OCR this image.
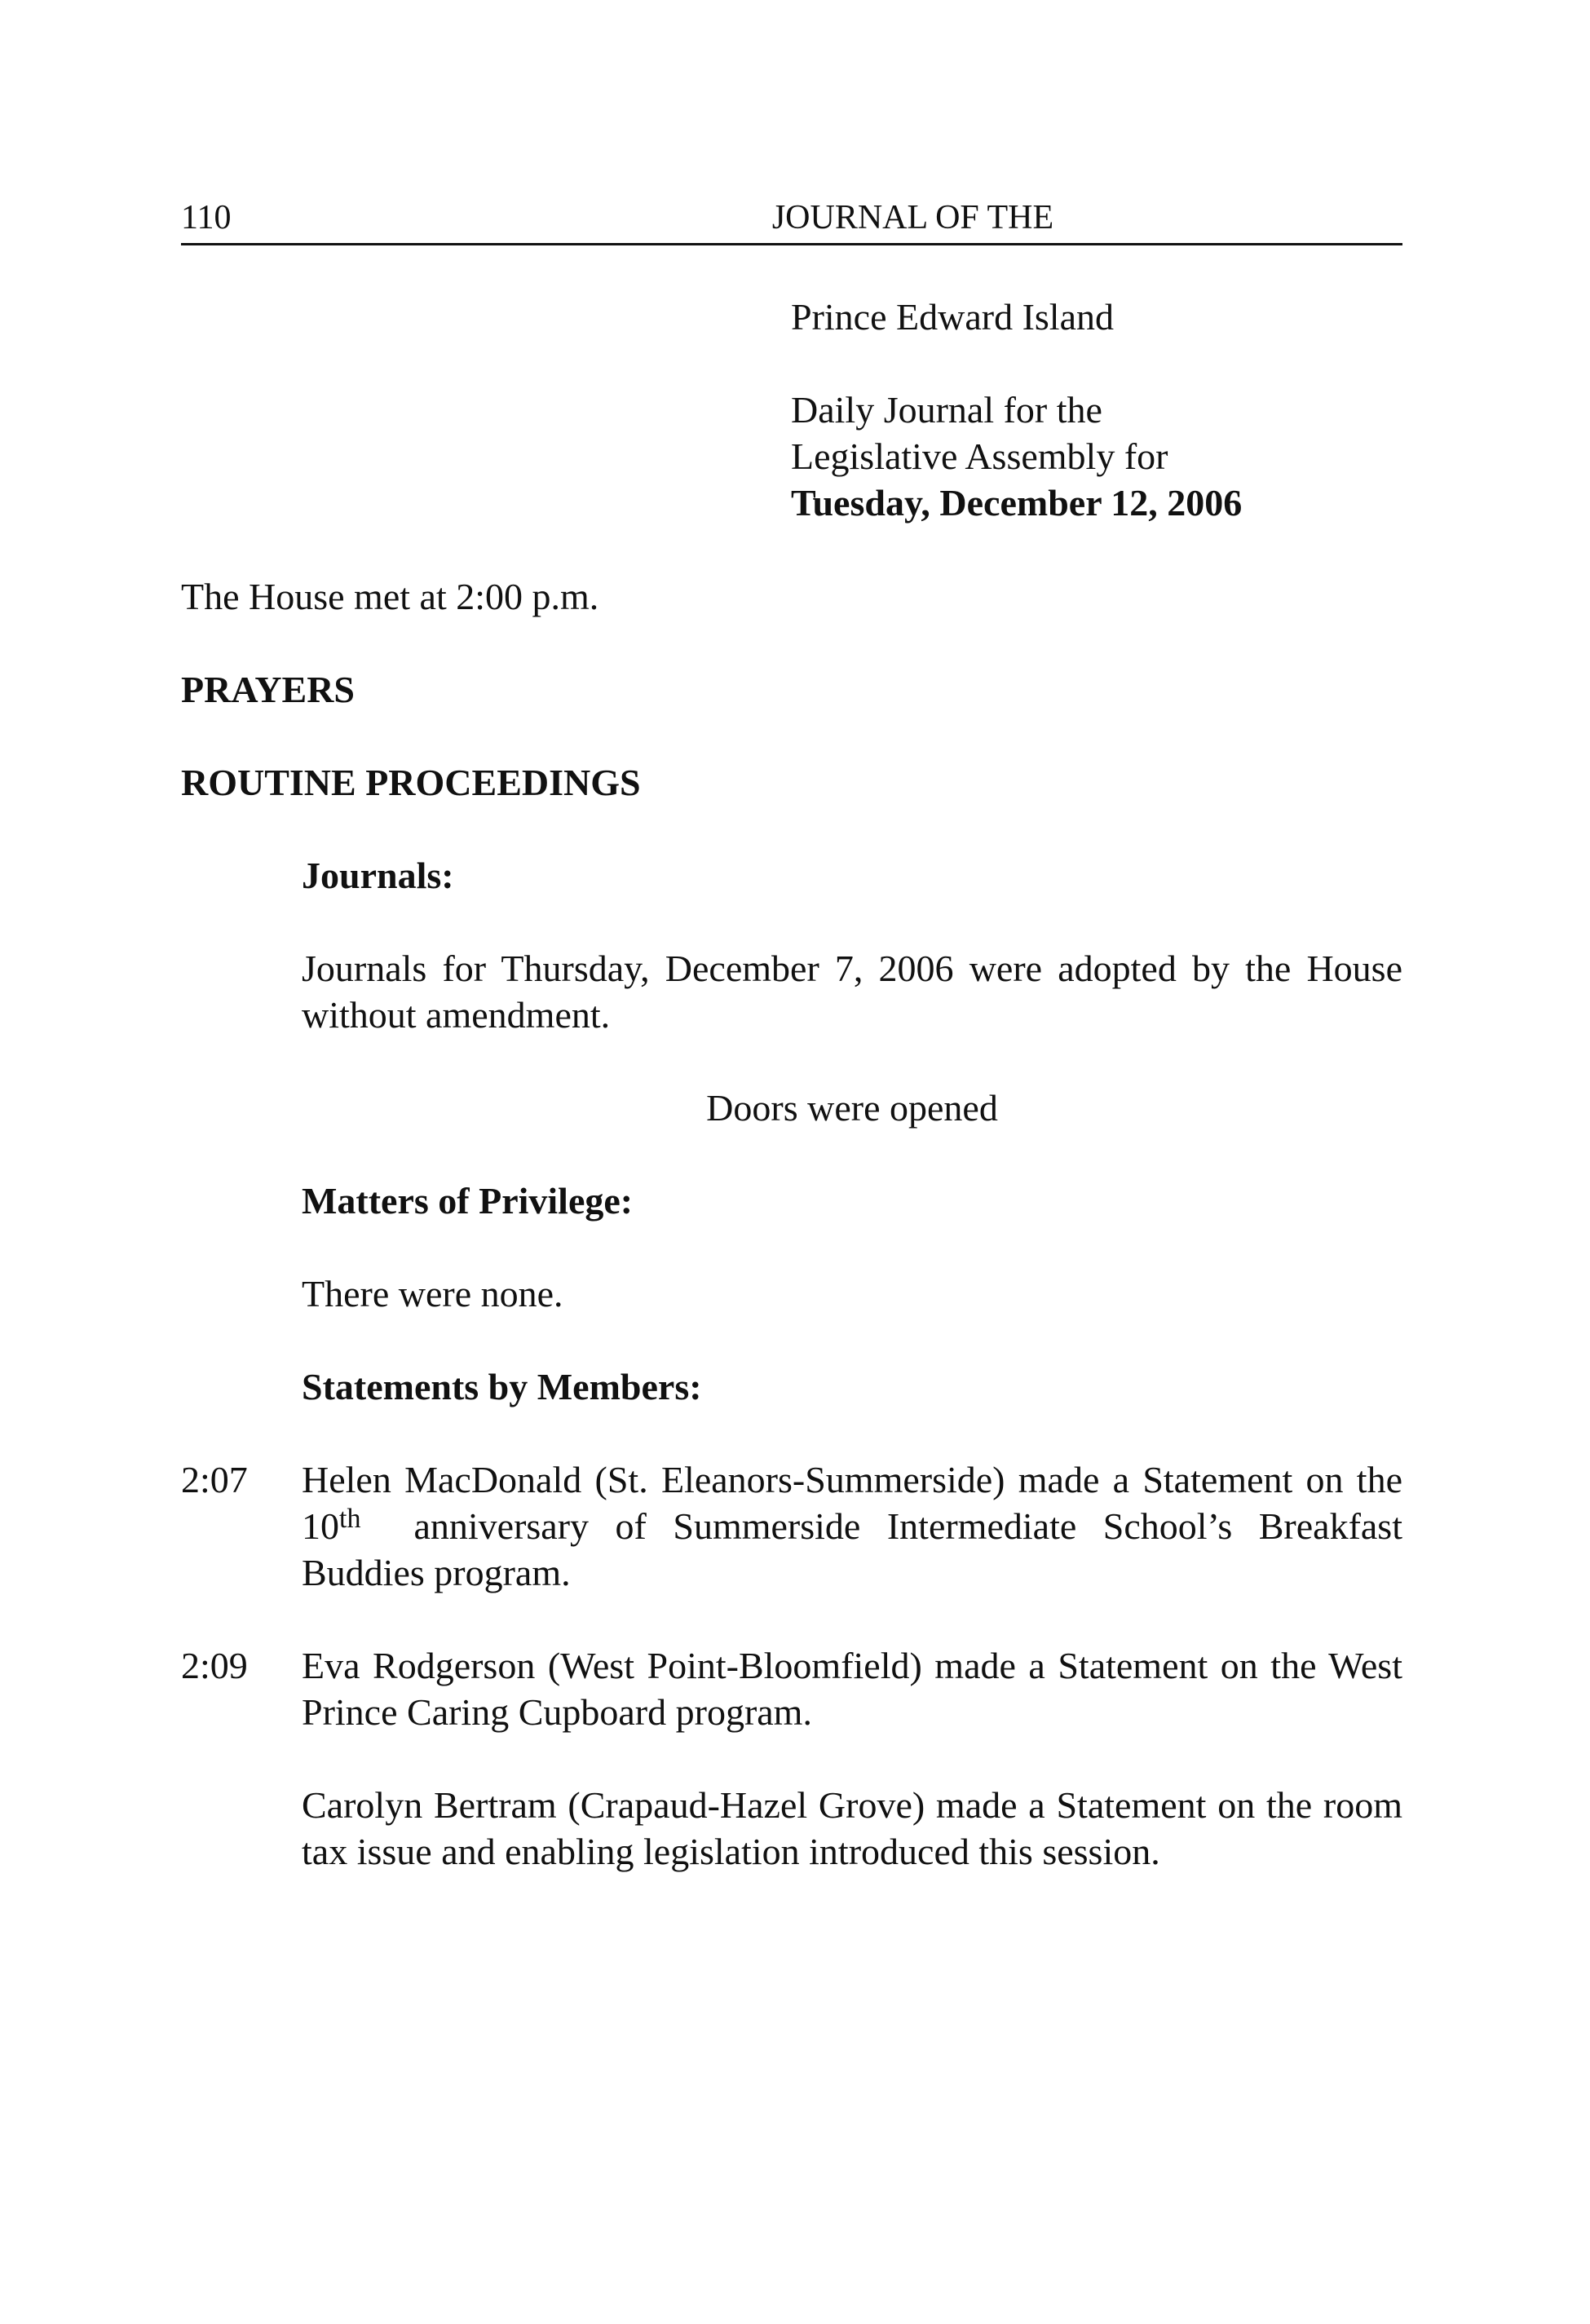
110	JOURNAL OF THE
Prince Edward Island
Daily Journal for the
Legislative Assembly for
Tuesday, December 12, 2006
The House met at 2:00 p.m.
PRAYERS
ROUTINE PROCEEDINGS
Journals:
Journals for Thursday, December 7, 2006 were adopted by the House without amendment.
Doors were opened
Matters of Privilege:
There were none.
Statements by Members:
2:07 Helen MacDonald (St. Eleanors-Summerside) made a Statement on the 10th  anniversary of Summerside Intermediate School’s Breakfast Buddies program.
2:09 Eva Rodgerson (West Point-Bloomfield) made a Statement on the West Prince Caring Cupboard program.
Carolyn Bertram (Crapaud-Hazel Grove) made a Statement on the room tax issue and enabling legislation introduced this session.
